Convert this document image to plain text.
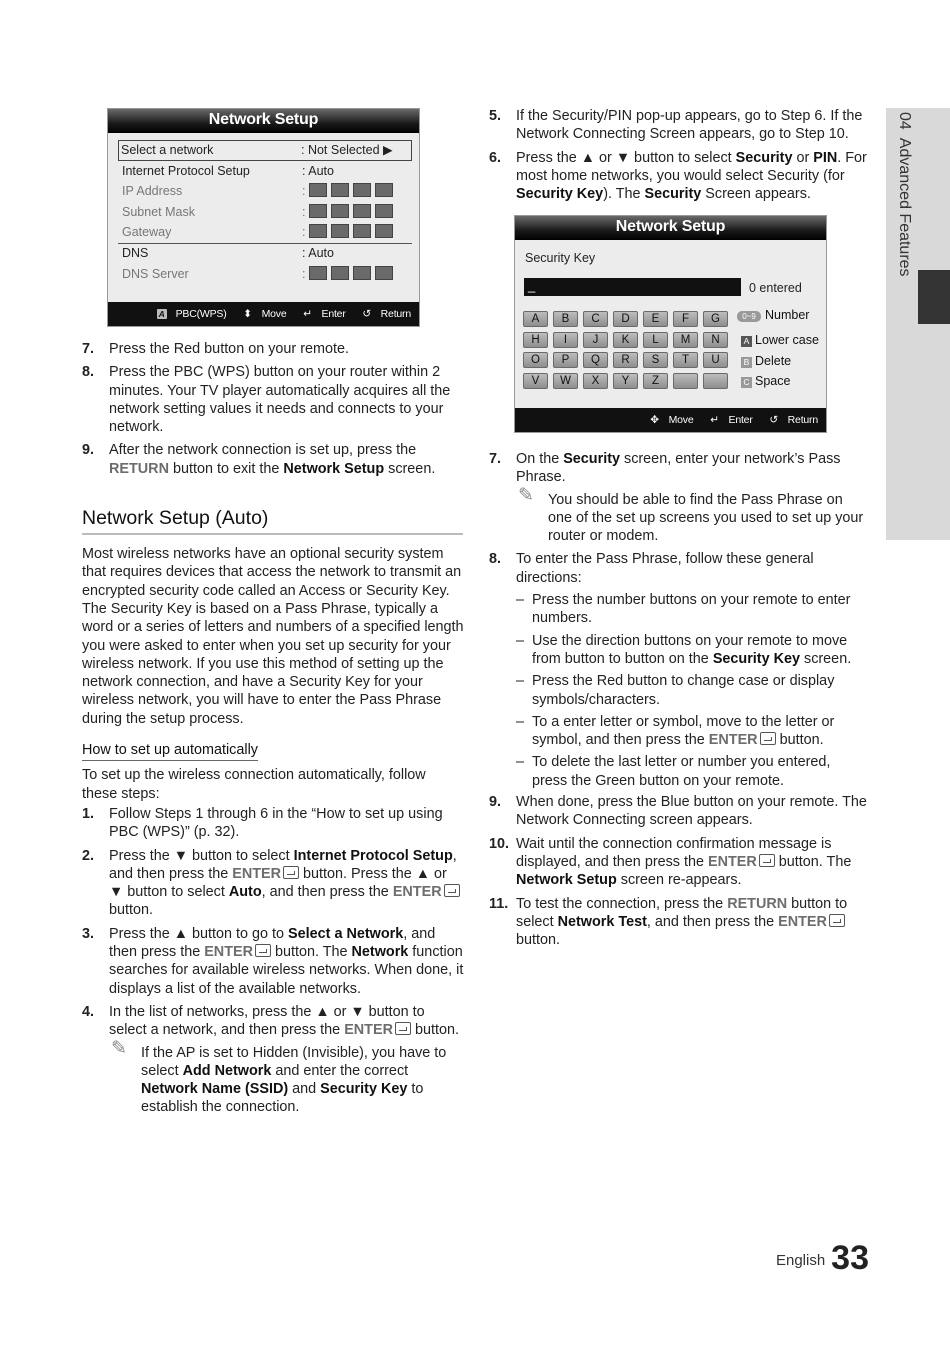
04  Advanced Features
Network Setup
Select a network	: Not Selected ▶
Internet Protocol Setup	: Auto
IP Address	:
Subnet Mask	:
Gateway	:
DNS	: Auto
DNS Server	:
A PBC(WPS) ⬍ Move ↵ Enter ↺ Return
7. Press the Red button on your remote.
8. Press the PBC (WPS) button on your router within 2 minutes. Your TV player automatically acquires all the network setting values it needs and connects to your network.
9. After the network connection is set up, press the RETURN button to exit the Network Setup screen.
Network Setup (Auto)

Most wireless networks have an optional security system that requires devices that access the network to transmit an encrypted security code called an Access or Security Key. The Security Key is based on a Pass Phrase, typically a word or a series of letters and numbers of a specified length you were asked to enter when you set up security for your wireless network. If you use this method of setting up the network connection, and have a Security Key for your wireless network, you will have to enter the Pass Phrase during the setup process.

How to set up automatically

To set up the wireless connection automatically, follow these steps:

1. Follow Steps 1 through 6 in the “How to set up using PBC (WPS)” (p. 32).
2. Press the ▼ button to select Internet Protocol Setup, and then press the ENTER button. Press the ▲ or ▼ button to select Auto, and then press the ENTER button.
3. Press the ▲ button to go to Select a Network, and then press the ENTER button. The Network function searches for available wireless networks. When done, it displays a list of the available networks.
4. In the list of networks, press the ▲ or ▼ button to select a network, and then press the ENTER button.
✎ If the AP is set to Hidden (Invisible), you have to select Add Network and enter the correct Network Name (SSID) and Security Key to establish the connection.
5. If the Security/PIN pop-up appears, go to Step 6. If the Network Connecting Screen appears, go to Step 10.
6. Press the ▲ or ▼ button to select Security or PIN. For most home networks, you would select Security (for Security Key). The Security Screen appears.
Network Setup
Security Key
_	0 entered
A	B	C	D	E	F	G
H	I	J	K	L	M	N
O	P	Q	R	S	T	U
V	W	X	Y	Z
0~9 Number
A Lower case
B Delete
C Space
✥ Move ↵ Enter ↺ Return
7. On the Security screen, enter your network’s Pass Phrase.
✎ You should be able to find the Pass Phrase on one of the set up screens you used to set up your router or modem.
8. To enter the Pass Phrase, follow these general directions:
– Press the number buttons on your remote to enter numbers.
– Use the direction buttons on your remote to move from button to button on the Security Key screen.
– Press the Red button to change case or display symbols/characters.
– To a enter letter or symbol, move to the letter or symbol, and then press the ENTER button.
– To delete the last letter or number you entered, press the Green button on your remote.
9. When done, press the Blue button on your remote. The Network Connecting screen appears.
10. Wait until the connection confirmation message is displayed, and then press the ENTER button. The Network Setup screen re-appears.
11. To test the connection, press the RETURN button to select Network Test, and then press the ENTER button.
English 33
